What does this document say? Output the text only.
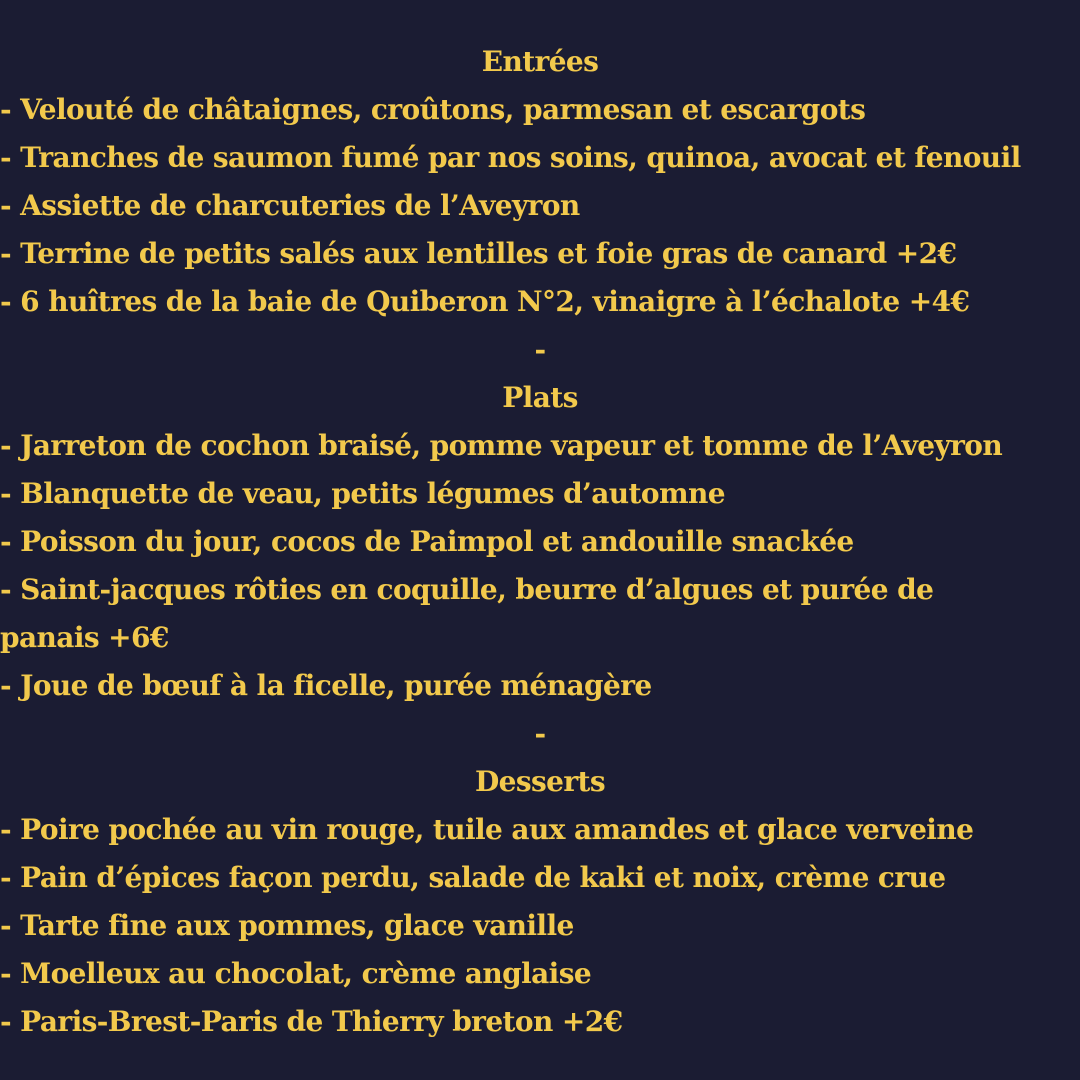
Entrées
- Velouté de châtaignes, croûtons, parmesan et escargots
- Tranches de saumon fumé par nos soins, quinoa, avocat et fenouil
- Assiette de charcuteries de l’Aveyron
- Terrine de petits salés aux lentilles et foie gras de canard +2€
- 6 huîtres de la baie de Quiberon N°2, vinaigre à l’échalote +4€
-
Plats
- Jarreton de cochon braisé, pomme vapeur et tomme de l’Aveyron
- Blanquette de veau, petits légumes d’automne
- Poisson du jour, cocos de Paimpol et andouille snackée
- Saint-jacques rôties en coquille, beurre d’algues et purée de
panais +6€
- Joue de bœuf à la ficelle, purée ménagère
-
Desserts
- Poire pochée au vin rouge, tuile aux amandes et glace verveine
- Pain d’épices façon perdu, salade de kaki et noix, crème crue
- Tarte fine aux pommes, glace vanille
- Moelleux au chocolat, crème anglaise
- Paris-Brest-Paris de Thierry breton +2€
